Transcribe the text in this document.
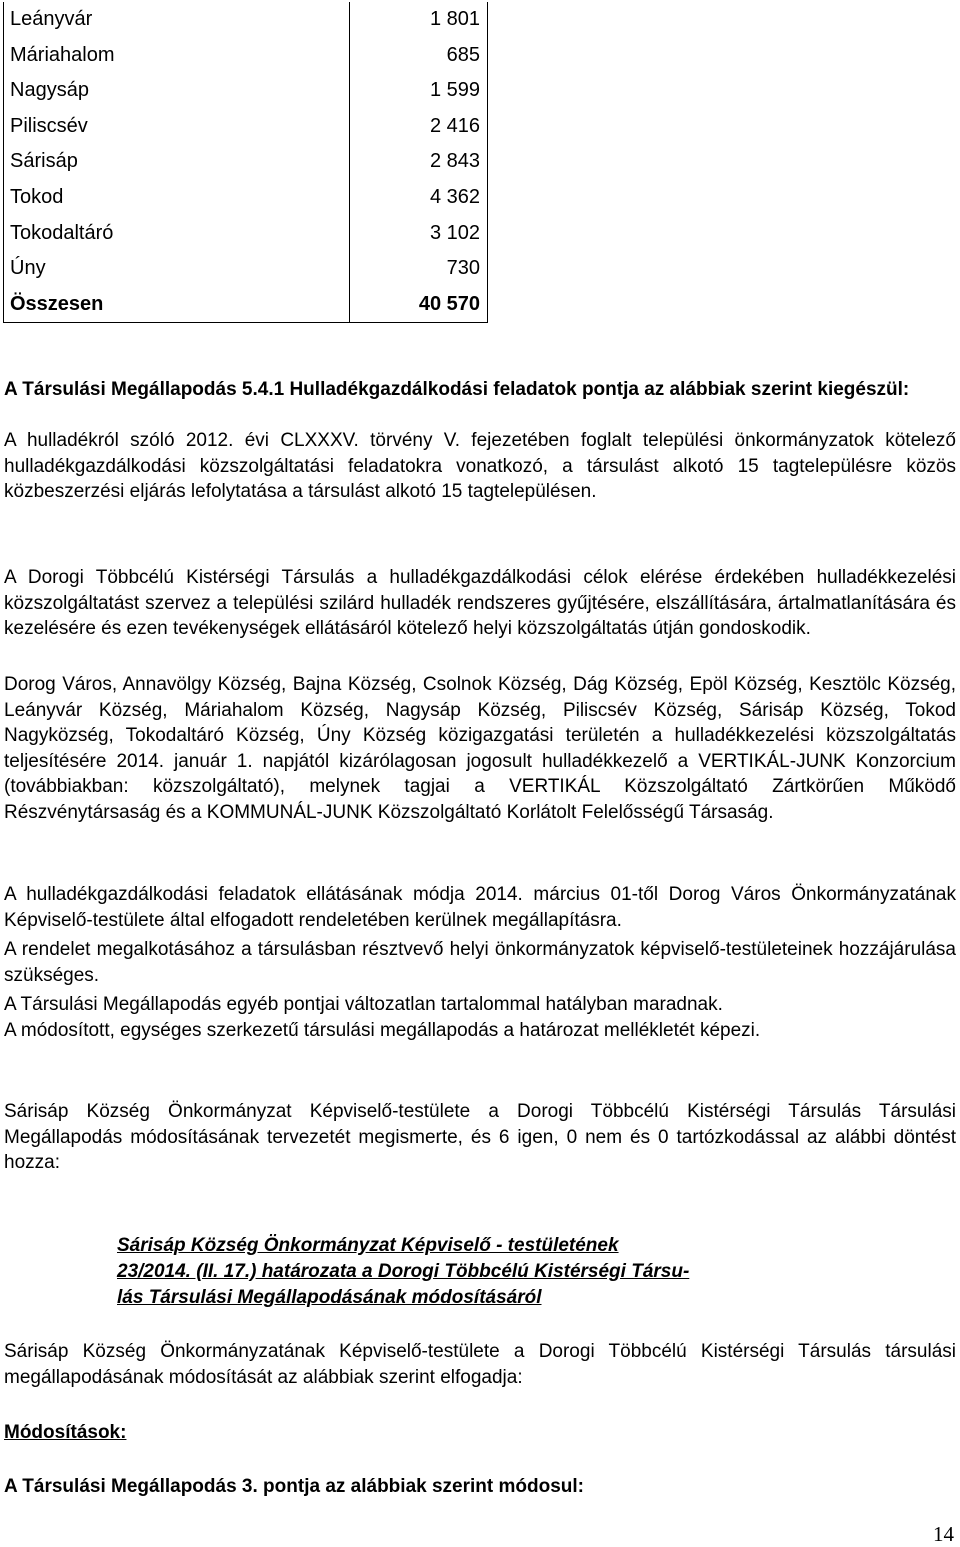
Leányvár	1 801
Máriahalom	685
Nagysáp	1 599
Piliscsév	2 416
Sárisáp	2 843
Tokod	4 362
Tokodaltáró	3 102
Úny	730
Összesen	40 570
A Társulási Megállapodás 5.4.1 Hulladékgazdálkodási feladatok pontja az alábbiak szerint kiegészül:
A hulladékról szóló 2012. évi CLXXXV. törvény V. fejezetében foglalt települési önkormányzatok kötelező hulladékgazdálkodási közszolgáltatási feladatokra vonatkozó, a társulást alkotó 15 tagtelepülésre közös közbeszerzési eljárás lefolytatása a társulást alkotó 15 tagtelepülésen.
A Dorogi Többcélú Kistérségi Társulás a hulladékgazdálkodási célok elérése érdekében hulladékkezelési közszolgáltatást szervez a települési szilárd hulladék rendszeres gyűjtésére, elszállítására, ártalmatlanítására és kezelésére és ezen tevékenységek ellátásáról kötelező helyi közszolgáltatás útján gondoskodik.
Dorog Város, Annavölgy Község, Bajna Község, Csolnok Község, Dág Község, Epöl Község, Kesztölc Község, Leányvár Község, Máriahalom Község, Nagysáp Község, Piliscsév Község, Sárisáp Község, Tokod Nagyközség, Tokodaltáró Község, Úny Község közigazgatási területén a hulladékkezelési közszolgáltatás teljesítésére 2014. január 1. napjától kizárólagosan jogosult hulladékkezelő a VERTIKÁL-JUNK Konzorcium (továbbiakban: közszolgáltató), melynek tagjai a VERTIKÁL Közszolgáltató Zártkörűen Működő Részvénytársaság és a KOMMUNÁL-JUNK Közszolgáltató Korlátolt Felelősségű Társaság.
A hulladékgazdálkodási feladatok ellátásának módja 2014. március 01-től Dorog Város Önkormányzatának Képviselő-testülete által elfogadott rendeletében kerülnek megállapításra.
A rendelet megalkotásához a társulásban résztvevő helyi önkormányzatok képviselő-testületeinek hozzájárulása szükséges.
A Társulási Megállapodás egyéb pontjai változatlan tartalommal hatályban maradnak.
A módosított, egységes szerkezetű társulási megállapodás a határozat mellékletét képezi.
Sárisáp Község Önkormányzat Képviselő-testülete a Dorogi Többcélú Kistérségi Társulás Társulási Megállapodás módosításának tervezetét megismerte, és 6 igen, 0 nem és 0 tartózkodással az alábbi döntést hozza:
Sárisáp Község Önkormányzat Képviselő - testületének
23/2014. (II. 17.) határozata a Dorogi Többcélú Kistérségi Társu-
lás Társulási Megállapodásának módosításáról
Sárisáp Község Önkormányzatának Képviselő-testülete a Dorogi Többcélú Kistérségi Társulás társulási megállapodásának módosítását az alábbiak szerint elfogadja:
Módosítások:
A Társulási Megállapodás 3. pontja az alábbiak szerint módosul:
14
